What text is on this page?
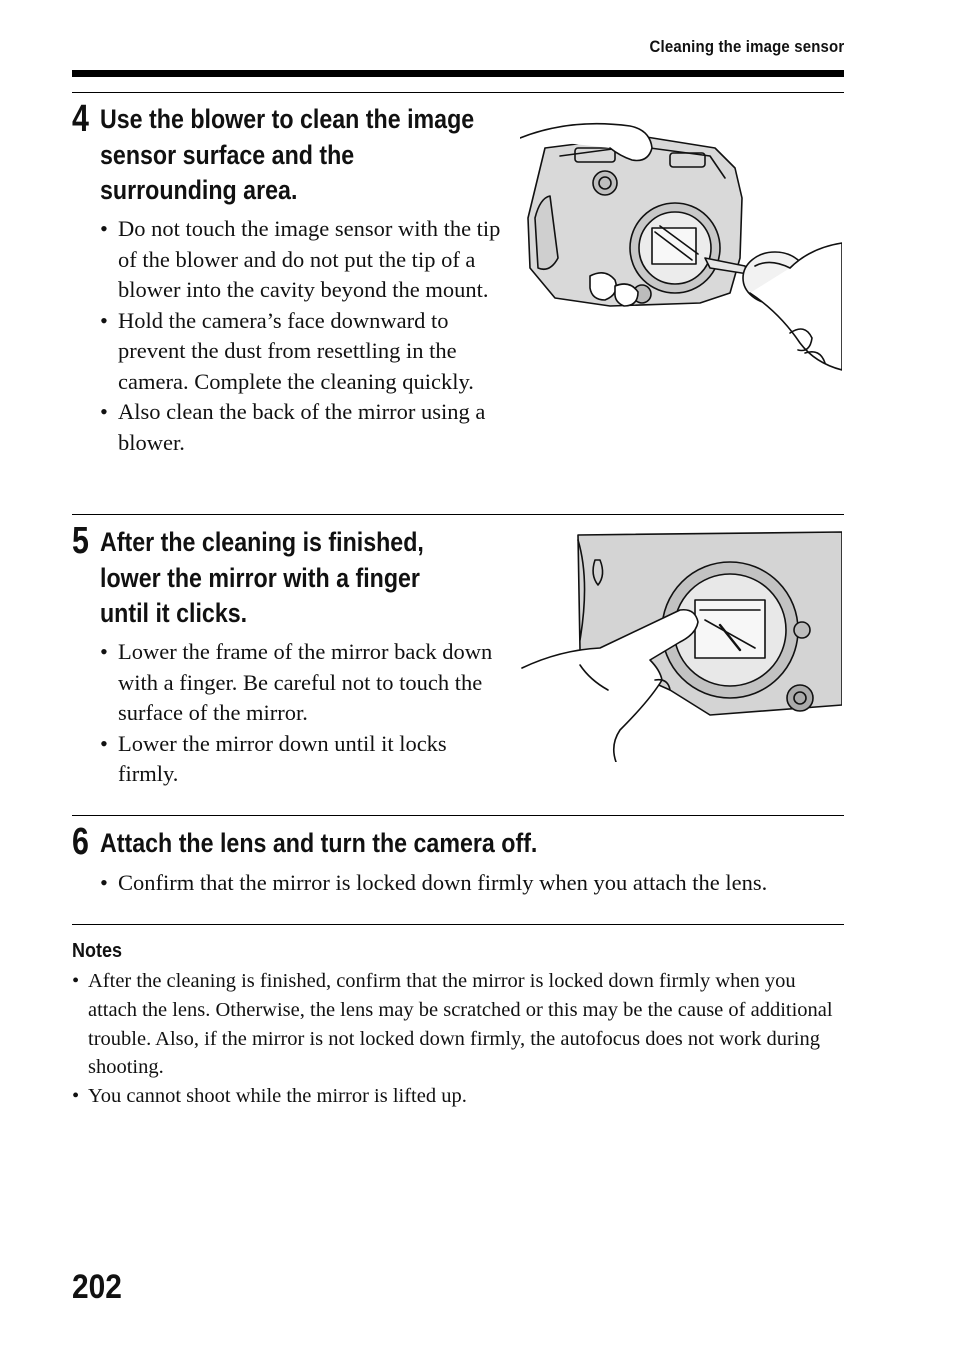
Cleaning the image sensor
4 Use the blower to clean the image
sensor surface and the
surrounding area.
• Do not touch the image sensor with the tip of the blower and do not put the tip of a blower into the cavity beyond the mount.
• Hold the camera’s face downward to prevent the dust from resettling in the camera. Complete the cleaning quickly.
• Also clean the back of the mirror using a blower.
5 After the cleaning is finished,
lower the mirror with a finger
until it clicks.
• Lower the frame of the mirror back down with a finger. Be careful not to touch the surface of the mirror.
• Lower the mirror down until it locks firmly.
6 Attach the lens and turn the camera off.
• Confirm that the mirror is locked down firmly when you attach the lens.
Notes
• After the cleaning is finished, confirm that the mirror is locked down firmly when you attach the lens. Otherwise, the lens may be scratched or this may be the cause of additional trouble. Also, if the mirror is not locked down firmly, the autofocus does not work during shooting.
• You cannot shoot while the mirror is lifted up.
202
